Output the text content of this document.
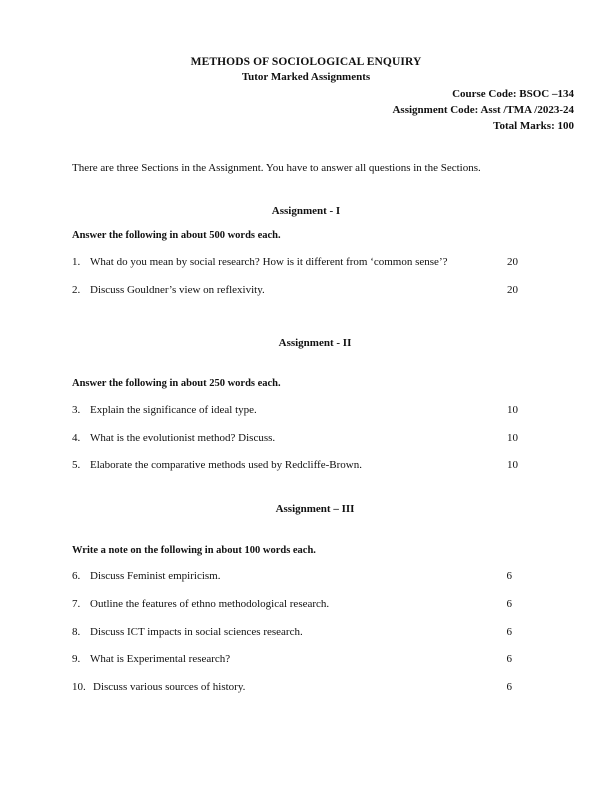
METHODS OF SOCIOLOGICAL ENQUIRY
Tutor Marked Assignments
Course Code: BSOC –134
Assignment Code: Asst /TMA /2023-24
Total Marks: 100
There are three Sections in the Assignment. You have to answer all questions in the Sections.
Assignment - I
Answer the following in about 500 words each.
1. What do you mean by social research? How is it different from ‘common sense’?	20
2. Discuss Gouldner’s view on reflexivity.	20
Assignment - II
Answer the following in about 250 words each.
3. Explain the significance of ideal type.	10
4. What is the evolutionist method? Discuss.	10
5. Elaborate the comparative methods used by Redcliffe-Brown.	10
Assignment – III
Write a note on the following in about 100 words each.
6. Discuss Feminist empiricism.	6
7. Outline the features of ethno methodological research.	6
8. Discuss ICT impacts in social sciences research.	6
9. What is Experimental research?	6
10. Discuss various sources of history.	6
